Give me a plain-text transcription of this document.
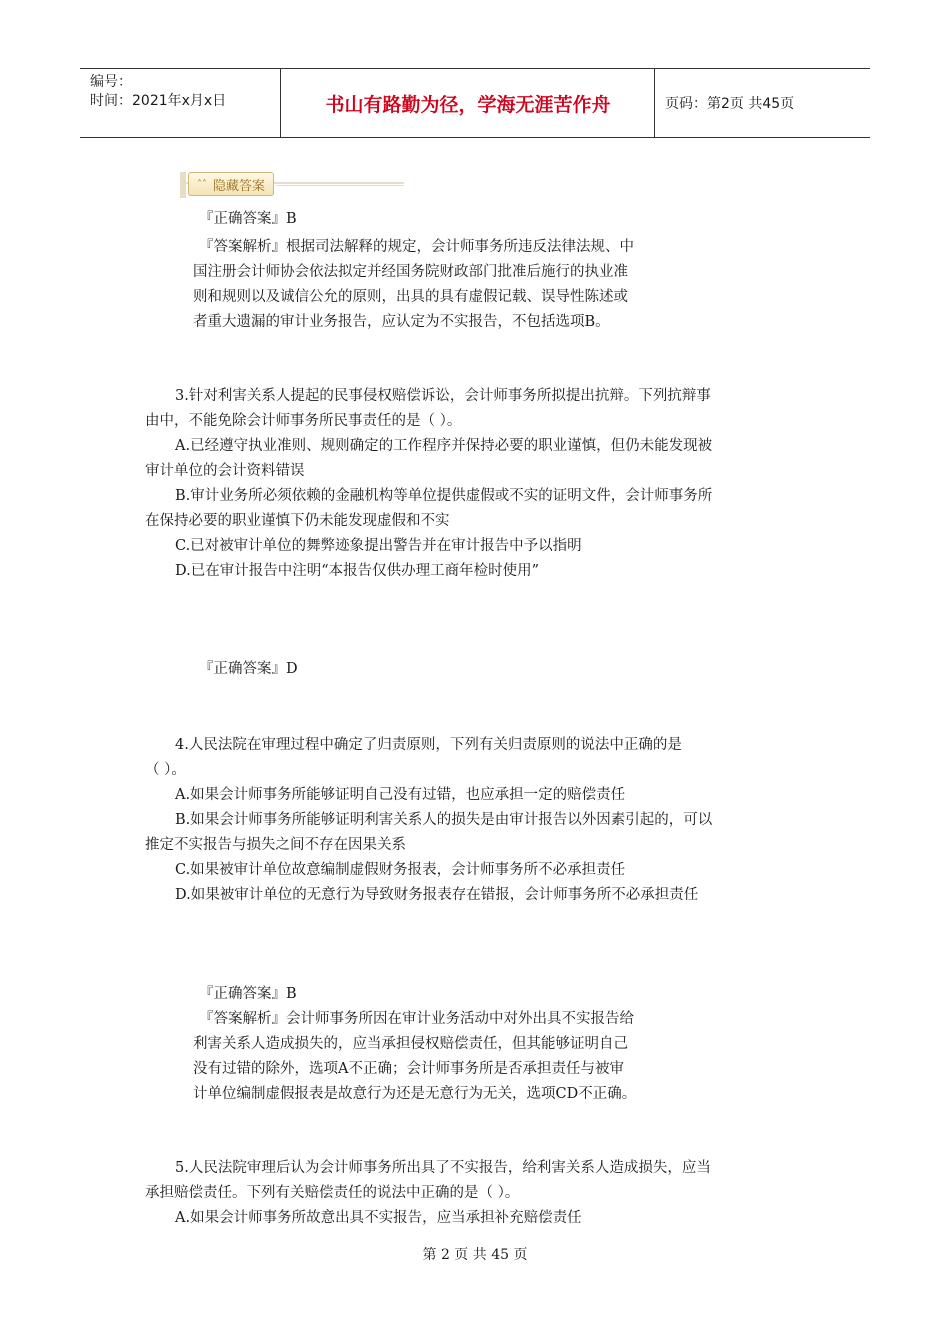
编号：
时间：2021年x月x日	书山有路勤为径，学海无涯苦作舟	页码：第2页 共45页
˄˄ 隐藏答案
『正确答案』B
『答案解析』根据司法解释的规定，会计师事务所违反法律法规、中
国注册会计师协会依法拟定并经国务院财政部门批准后施行的执业准
则和规则以及诚信公允的原则，出具的具有虚假记载、误导性陈述或
者重大遗漏的审计业务报告，应认定为不实报告，不包括选项B。
3.针对利害关系人提起的民事侵权赔偿诉讼，会计师事务所拟提出抗辩。下列抗辩事
由中，不能免除会计师事务所民事责任的是（ ）。
A.已经遵守执业准则、规则确定的工作程序并保持必要的职业谨慎，但仍未能发现被
审计单位的会计资料错误
B.审计业务所必须依赖的金融机构等单位提供虚假或不实的证明文件，会计师事务所
在保持必要的职业谨慎下仍未能发现虚假和不实
C.已对被审计单位的舞弊迹象提出警告并在审计报告中予以指明
D.已在审计报告中注明“本报告仅供办理工商年检时使用”
『正确答案』D
4.人民法院在审理过程中确定了归责原则，下列有关归责原则的说法中正确的是
（ ）。
A.如果会计师事务所能够证明自己没有过错，也应承担一定的赔偿责任
B.如果会计师事务所能够证明利害关系人的损失是由审计报告以外因素引起的，可以
推定不实报告与损失之间不存在因果关系
C.如果被审计单位故意编制虚假财务报表，会计师事务所不必承担责任
D.如果被审计单位的无意行为导致财务报表存在错报，会计师事务所不必承担责任
『正确答案』B
『答案解析』会计师事务所因在审计业务活动中对外出具不实报告给
利害关系人造成损失的，应当承担侵权赔偿责任，但其能够证明自己
没有过错的除外，选项A不正确；会计师事务所是否承担责任与被审
计单位编制虚假报表是故意行为还是无意行为无关，选项CD不正确。
5.人民法院审理后认为会计师事务所出具了不实报告，给利害关系人造成损失，应当
承担赔偿责任。下列有关赔偿责任的说法中正确的是（ ）。
A.如果会计师事务所故意出具不实报告，应当承担补充赔偿责任
第 2 页 共 45 页
